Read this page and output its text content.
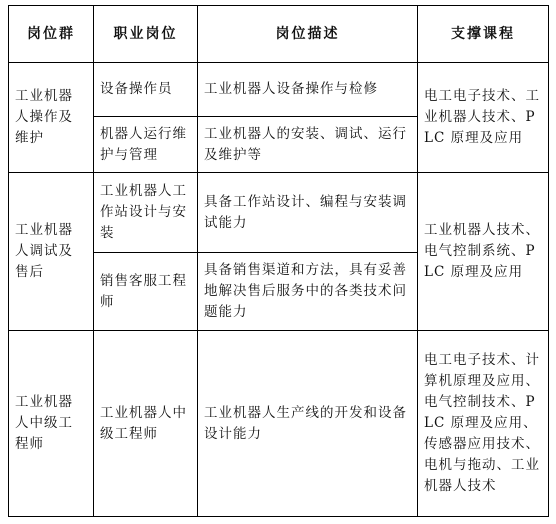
岗位群	职业岗位	岗位描述	支撑课程
工业机器人操作及维护	设备操作员	工业机器人设备操作与检修	电工电子技术、工业机器人技术、PLC 原理及应用
	机器人运行维护与管理	工业机器人的安装、调试、运行及维护等	
工业机器人调试及售后	工业机器人工作站设计与安装	具备工作站设计、编程与安装调试能力	工业机器人技术、电气控制系统、PLC 原理及应用
	销售客服工程师	具备销售渠道和方法，具有妥善地解决售后服务中的各类技术问题能力	
工业机器人中级工程师	工业机器人中级工程师	工业机器人生产线的开发和设备设计能力	电工电子技术、计算机原理及应用、电气控制技术、PLC 原理及应用、传感器应用技术、电机与拖动、工业机器人技术
